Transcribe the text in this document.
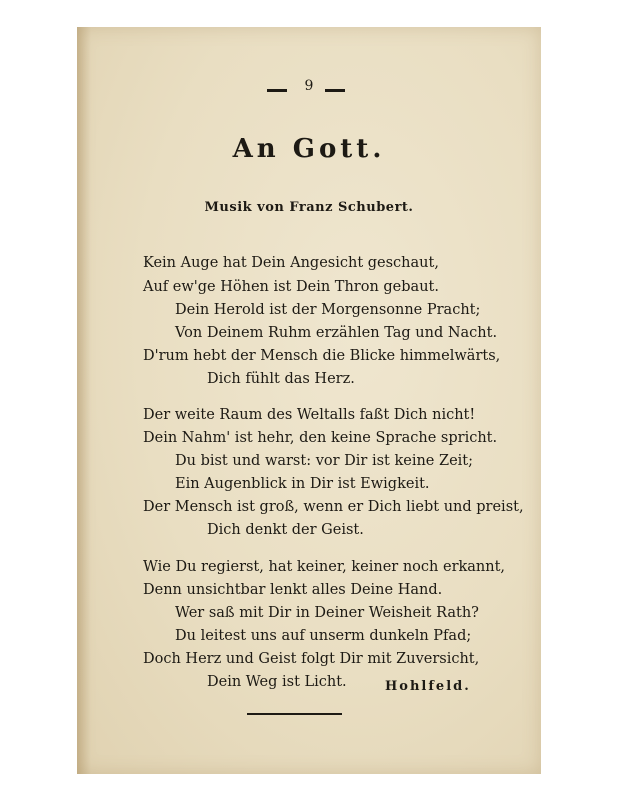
9
An Gott.
Musik von Franz Schubert.
Kein Auge hat Dein Angesicht geschaut,
Auf ew'ge Höhen ist Dein Thron gebaut.
Dein Herold ist der Morgensonne Pracht;
Von Deinem Ruhm erzählen Tag und Nacht.
D'rum hebt der Mensch die Blicke himmelwärts,
Dich fühlt das Herz.
Der weite Raum des Weltalls faßt Dich nicht!
Dein Nahm' ist hehr, den keine Sprache spricht.
Du bist und warst: vor Dir ist keine Zeit;
Ein Augenblick in Dir ist Ewigkeit.
Der Mensch ist groß, wenn er Dich liebt und preist,
Dich denkt der Geist.
Wie Du regierst, hat keiner, keiner noch erkannt,
Denn unsichtbar lenkt alles Deine Hand.
Wer saß mit Dir in Deiner Weisheit Rath?
Du leitest uns auf unserm dunkeln Pfad;
Doch Herz und Geist folgt Dir mit Zuversicht,
Dein Weg ist Licht.	Hohlfeld.
